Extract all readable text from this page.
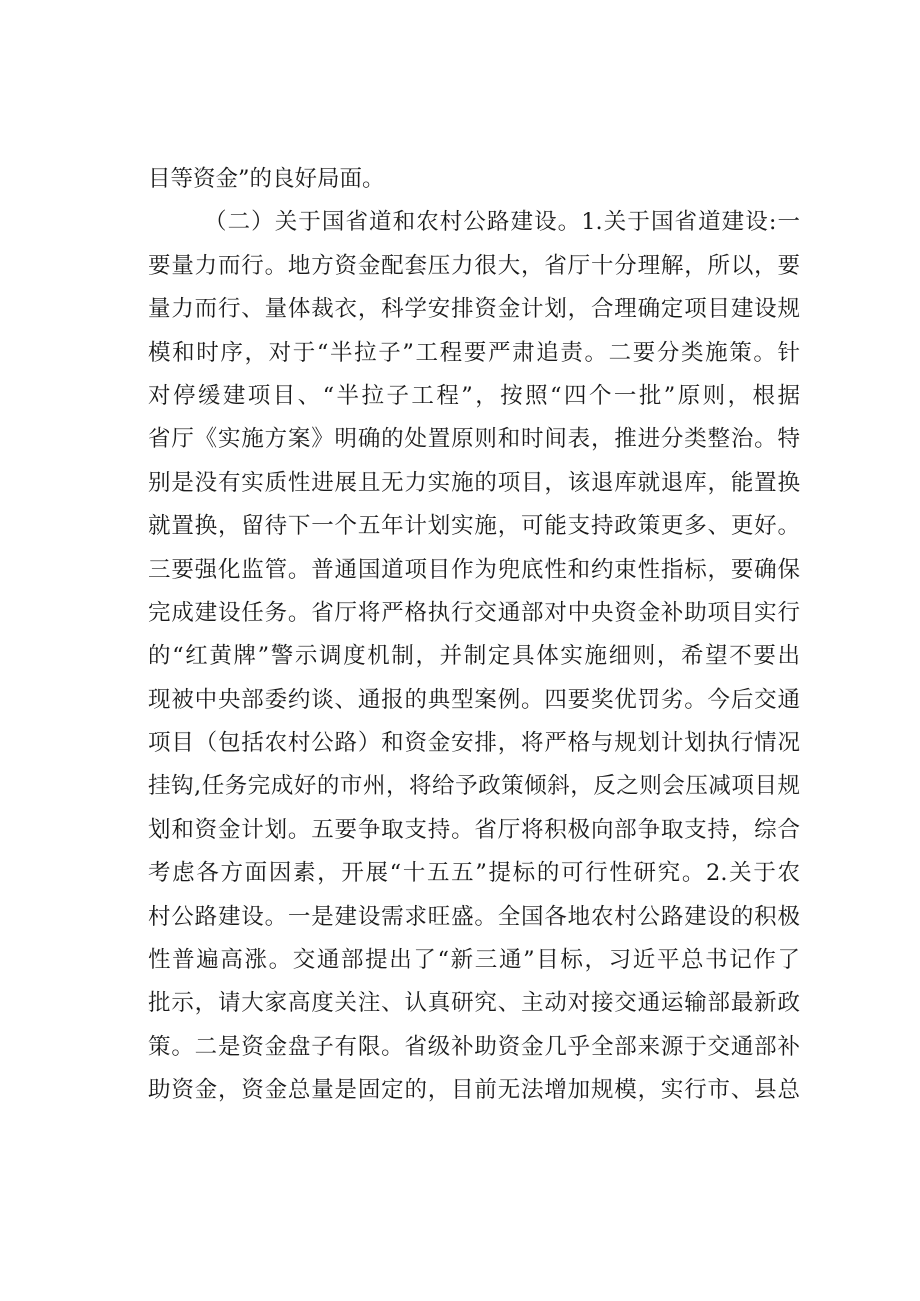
目等资金”的良好局面。
（二）关于国省道和农村公路建设。1.关于国省道建设:一
要量力而行。地方资金配套压力很大，省厅十分理解，所以，要
量力而行、量体裁衣，科学安排资金计划，合理确定项目建设规
模和时序，对于“半拉子”工程要严肃追责。二要分类施策。针
对停缓建项目、“半拉子工程”，按照“四个一批”原则，根据
省厅《实施方案》明确的处置原则和时间表，推进分类整治。特
别是没有实质性进展且无力实施的项目，该退库就退库，能置换
就置换，留待下一个五年计划实施，可能支持政策更多、更好。
三要强化监管。普通国道项目作为兜底性和约束性指标，要确保
完成建设任务。省厅将严格执行交通部对中央资金补助项目实行
的“红黄牌”警示调度机制，并制定具体实施细则，希望不要出
现被中央部委约谈、通报的典型案例。四要奖优罚劣。今后交通
项目（包括农村公路）和资金安排，将严格与规划计划执行情况
挂钩,任务完成好的市州，将给予政策倾斜，反之则会压减项目规
划和资金计划。五要争取支持。省厅将积极向部争取支持，综合
考虑各方面因素，开展“十五五”提标的可行性研究。2.关于农
村公路建设。一是建设需求旺盛。全国各地农村公路建设的积极
性普遍高涨。交通部提出了“新三通”目标，习近平总书记作了
批示，请大家高度关注、认真研究、主动对接交通运输部最新政
策。二是资金盘子有限。省级补助资金几乎全部来源于交通部补
助资金，资金总量是固定的，目前无法增加规模，实行市、县总
